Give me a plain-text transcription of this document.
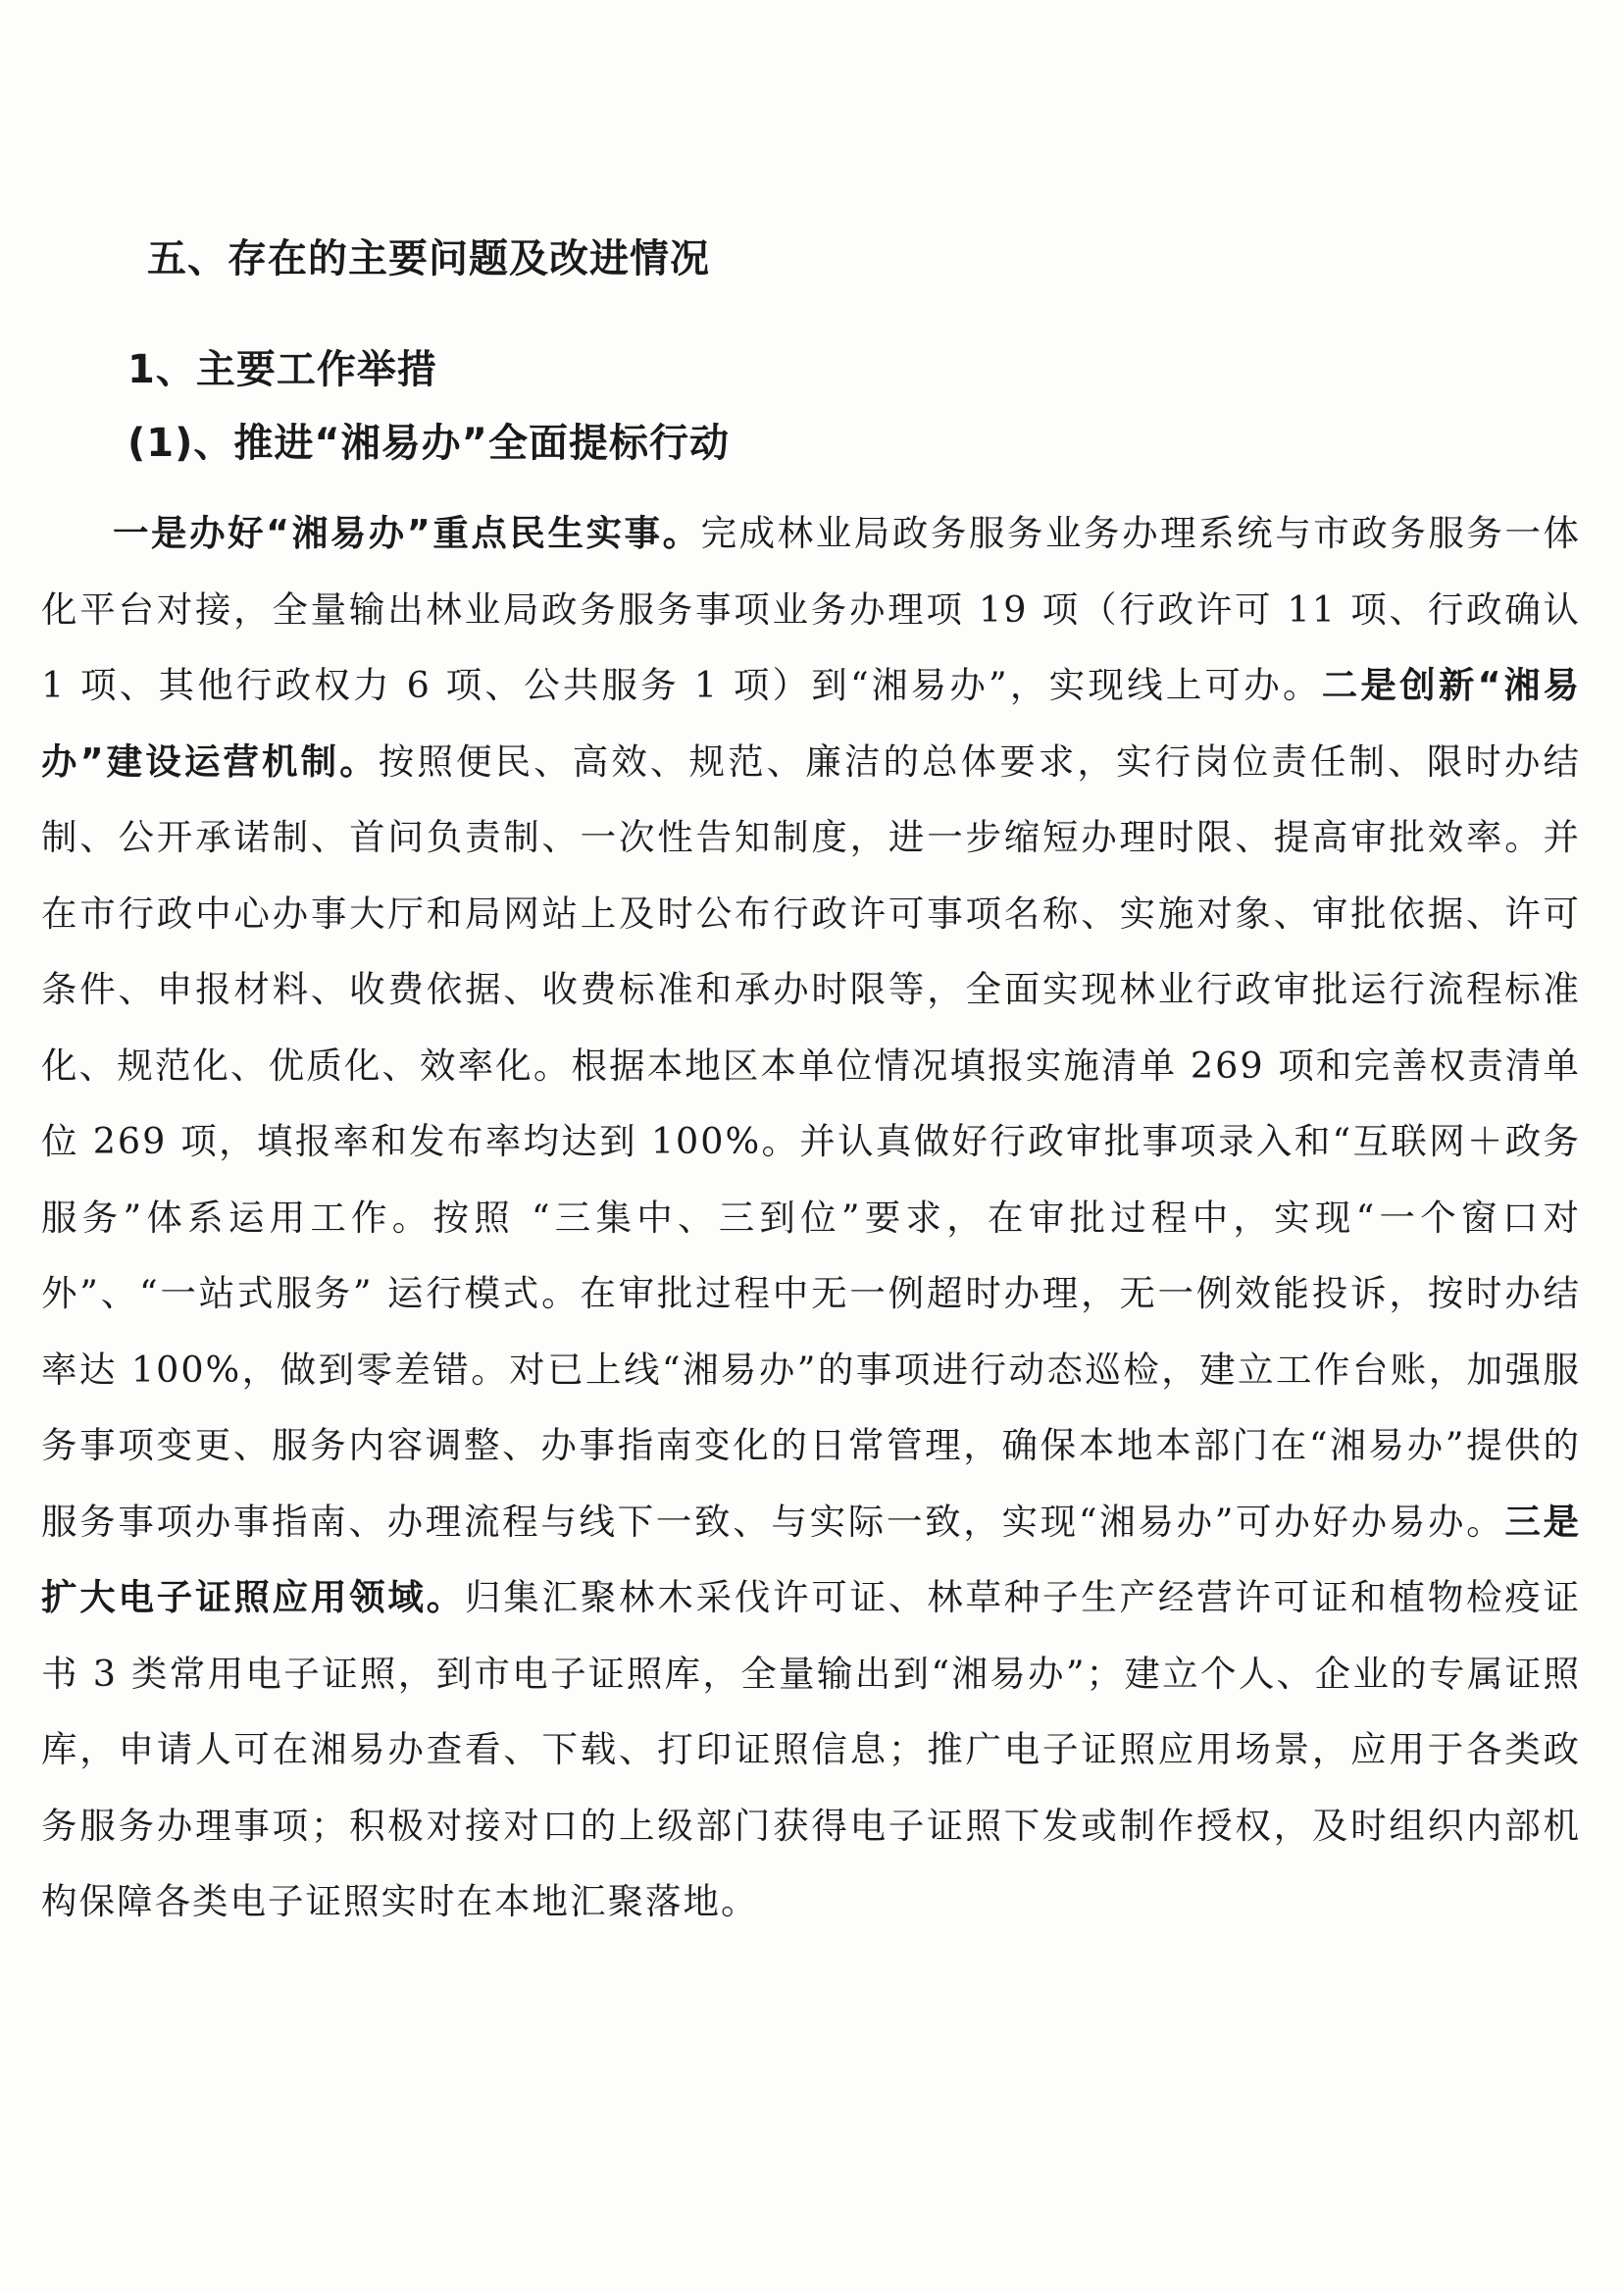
五、存在的主要问题及改进情况
1、主要工作举措
(1)、推进“湘易办”全面提标行动

一是办好“湘易办”重点民生实事。完成林业局政务服务业务办理系统与市政务服务一体化平台对接，全量输出林业局政务服务事项业务办理项 19 项（行政许可 11 项、行政确认 1 项、其他行政权力 6 项、公共服务 1 项）到“湘易办”，实现线上可办。二是创新“湘易办”建设运营机制。按照便民、高效、规范、廉洁的总体要求，实行岗位责任制、限时办结制、公开承诺制、首问负责制、一次性告知制度，进一步缩短办理时限、提高审批效率。并在市行政中心办事大厅和局网站上及时公布行政许可事项名称、实施对象、审批依据、许可条件、申报材料、收费依据、收费标准和承办时限等，全面实现林业行政审批运行流程标准化、规范化、优质化、效率化。根据本地区本单位情况填报实施清单 269 项和完善权责清单位 269 项，填报率和发布率均达到 100%。并认真做好行政审批事项录入和“互联网＋政务服务”体系运用工作。按照 “三集中、三到位”要求，在审批过程中，实现“一个窗口对外”、“一站式服务” 运行模式。在审批过程中无一例超时办理，无一例效能投诉，按时办结率达 100%，做到零差错。对已上线“湘易办”的事项进行动态巡检，建立工作台账，加强服务事项变更、服务内容调整、办事指南变化的日常管理，确保本地本部门在“湘易办”提供的服务事项办事指南、办理流程与线下一致、与实际一致，实现“湘易办”可办好办易办。三是扩大电子证照应用领域。归集汇聚林木采伐许可证、林草种子生产经营许可证和植物检疫证书 3 类常用电子证照，到市电子证照库，全量输出到“湘易办”；建立个人、企业的专属证照库，申请人可在湘易办查看、下载、打印证照信息；推广电子证照应用场景，应用于各类政务服务办理事项；积极对接对口的上级部门获得电子证照下发或制作授权，及时组织内部机构保障各类电子证照实时在本地汇聚落地。
